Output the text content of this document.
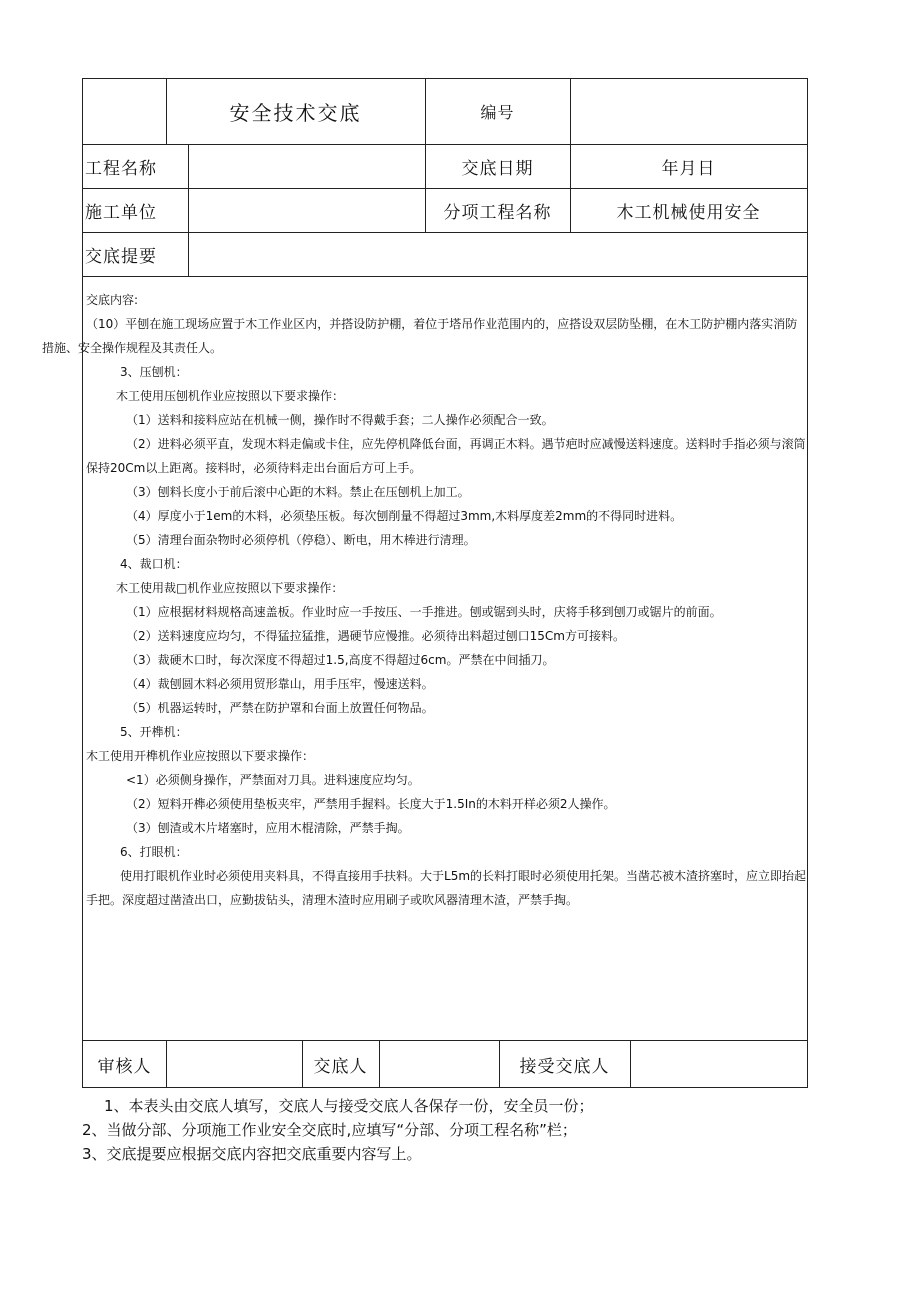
安全技术交底	编号
工程名称	交底日期	年月日
施工单位	分项工程名称	木工机械使用安全
交底提要

交底内容:

（10）平刨在施工现场应置于木工作业区内，并搭设防护棚，着位于塔吊作业范围内的，应搭设双层防坠棚，在木工防护棚内落实消防措施、安全操作规程及其责任人。

3、压刨机：

木工使用压刨机作业应按照以下要求操作：

（1）送料和接料应站在机械一侧，操作时不得戴手套；二人操作必须配合一致。

（2）进料必须平直，发现木料走偏或卡住，应先停机降低台面，再调正木料。遇节疤时应减慢送料速度。送料时手指必须与滚筒保持20Cm以上距离。接料时，必须待料走出台面后方可上手。

（3）刨料长度小于前后滚中心距的木料。禁止在压刨机上加工。

（4）厚度小于1em的木料，必须垫压板。每次刨削量不得超过3mm,木料厚度差2mm的不得同时进料。

（5）清理台面杂物时必须停机（停稳）、断电，用木棒进行清理。

4、裁口机：

木工使用裁□机作业应按照以下要求操作：

（1）应根据材料规格高速盖板。作业时应一手按压、一手推进。刨或锯到头时，庆将手移到刨刀或锯片的前面。

（2）送料速度应均匀，不得猛拉猛推，遇硬节应慢推。必须待出料超过刨口15Cm方可接料。

（3）裁硬木口时，每次深度不得超过1.5,高度不得超过6cm。严禁在中间插刀。

（4）裁刨圆木料必须用贸形靠山，用手压牢，慢速送料。

（5）机器运转时，严禁在防护罩和台面上放置任何物品。

5、开榫机：

木工使用开榫机作业应按照以下要求操作：

<1）必须侧身操作，严禁面对刀具。进料速度应均匀。

（2）短料开榫必须使用垫板夹牢，严禁用手握料。长度大于1.5In的木料开样必须2人操作。

（3）刨渣或木片堵塞时，应用木棍清除，严禁手掏。

6、打眼机：

使用打眼机作业时必须使用夹料具，不得直接用手扶料。大于L5m的长料打眼时必须使用托架。当凿芯被木渣挤塞时，应立即抬起手把。深度超过凿渣出口，应勤拔钻头，清理木渣时应用刷子或吹风器清理木渣，严禁手掏。

审核人	交底人	接受交底人

1、本表头由交底人填写，交底人与接受交底人各保存一份，安全员一份；

2、当做分部、分项施工作业安全交底时,应填写“分部、分项工程名称”栏；

3、交底提要应根据交底内容把交底重要内容写上。
